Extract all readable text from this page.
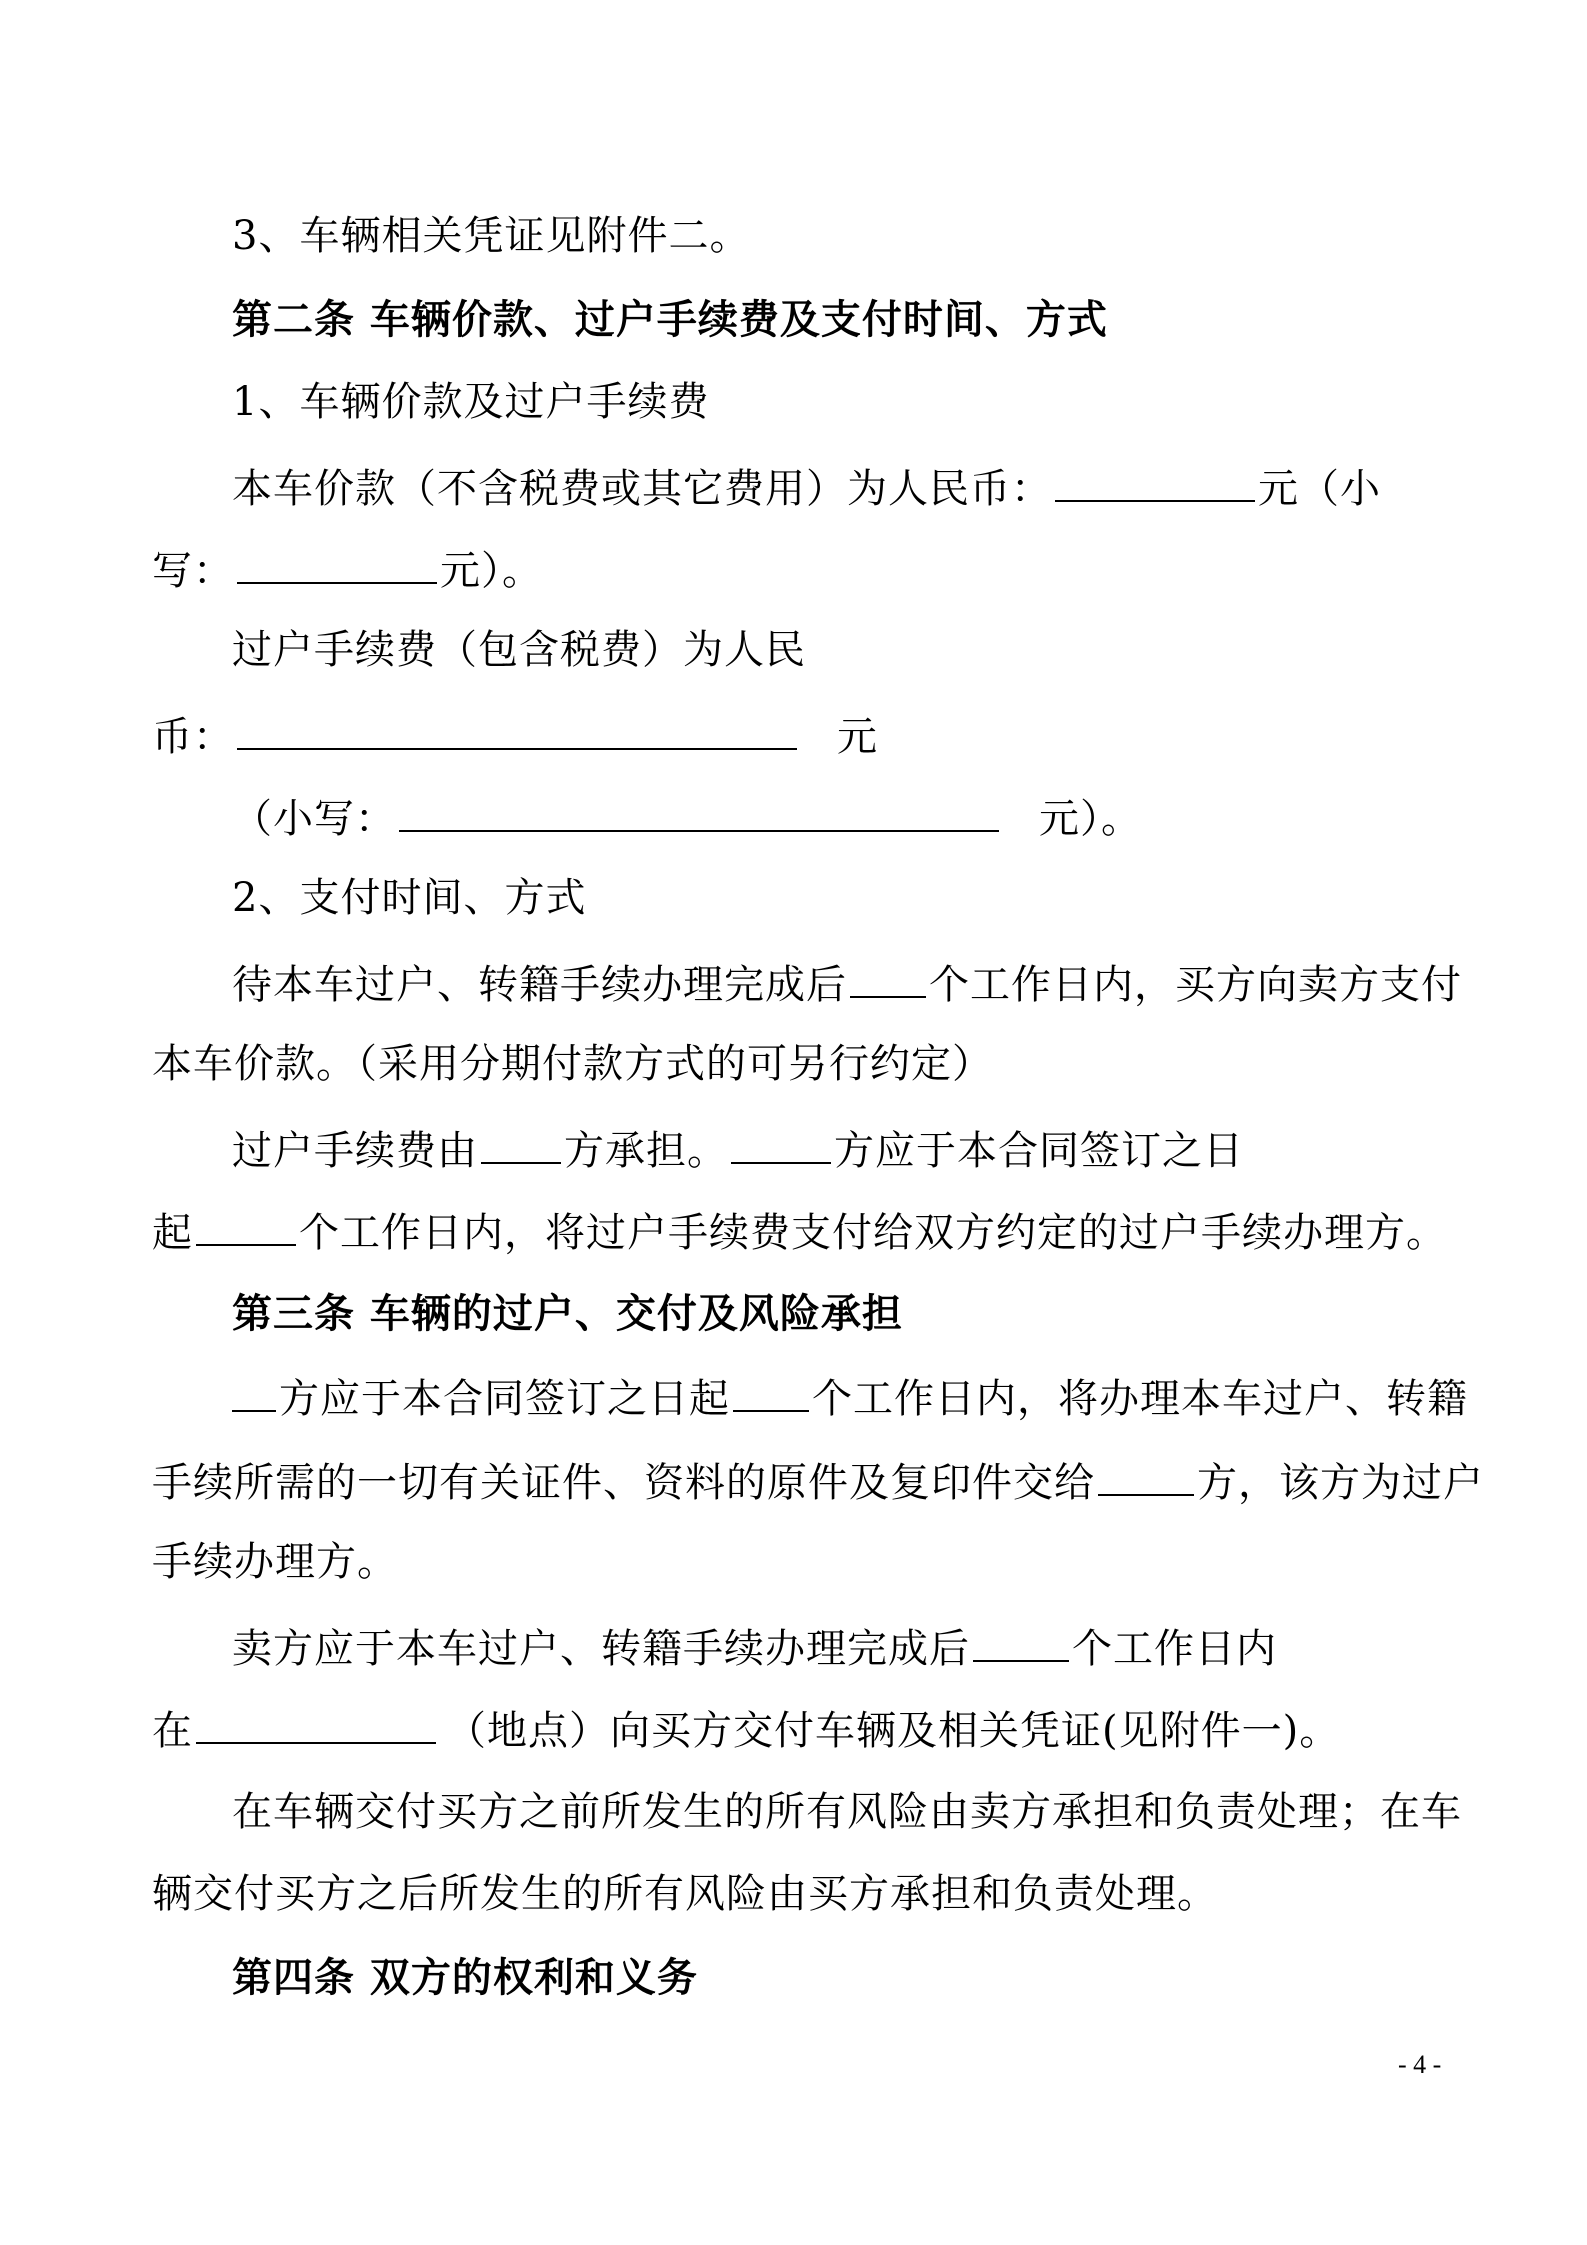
3、车辆相关凭证见附件二。
第二条 车辆价款、过户手续费及支付时间、方式
1、车辆价款及过户手续费
本车价款（不含税费或其它费用）为人民币：	元（小
写：	元）。
过户手续费（包含税费）为人民
币：	元
（小写：	元）。
2、支付时间、方式
待本车过户、转籍手续办理完成后 个工作日内，买方向卖方支付
本车价款。（采用分期付款方式的可另行约定）
过户手续费由 方承担。	方应于本合同签订之日
起	个工作日内，将过户手续费支付给双方约定的过户手续办理方。
第三条 车辆的过户、交付及风险承担
方应于本合同签订之日起 个工作日内，将办理本车过户、转籍
手续所需的一切有关证件、资料的原件及复印件交给	方，该方为过户
手续办理方。
卖方应于本车过户、转籍手续办理完成后	个工作日内
在	（地点）向买方交付车辆及相关凭证(见附件一)。
在车辆交付买方之前所发生的所有风险由卖方承担和负责处理；在车
辆交付买方之后所发生的所有风险由买方承担和负责处理。
第四条 双方的权利和义务
- 4 -
